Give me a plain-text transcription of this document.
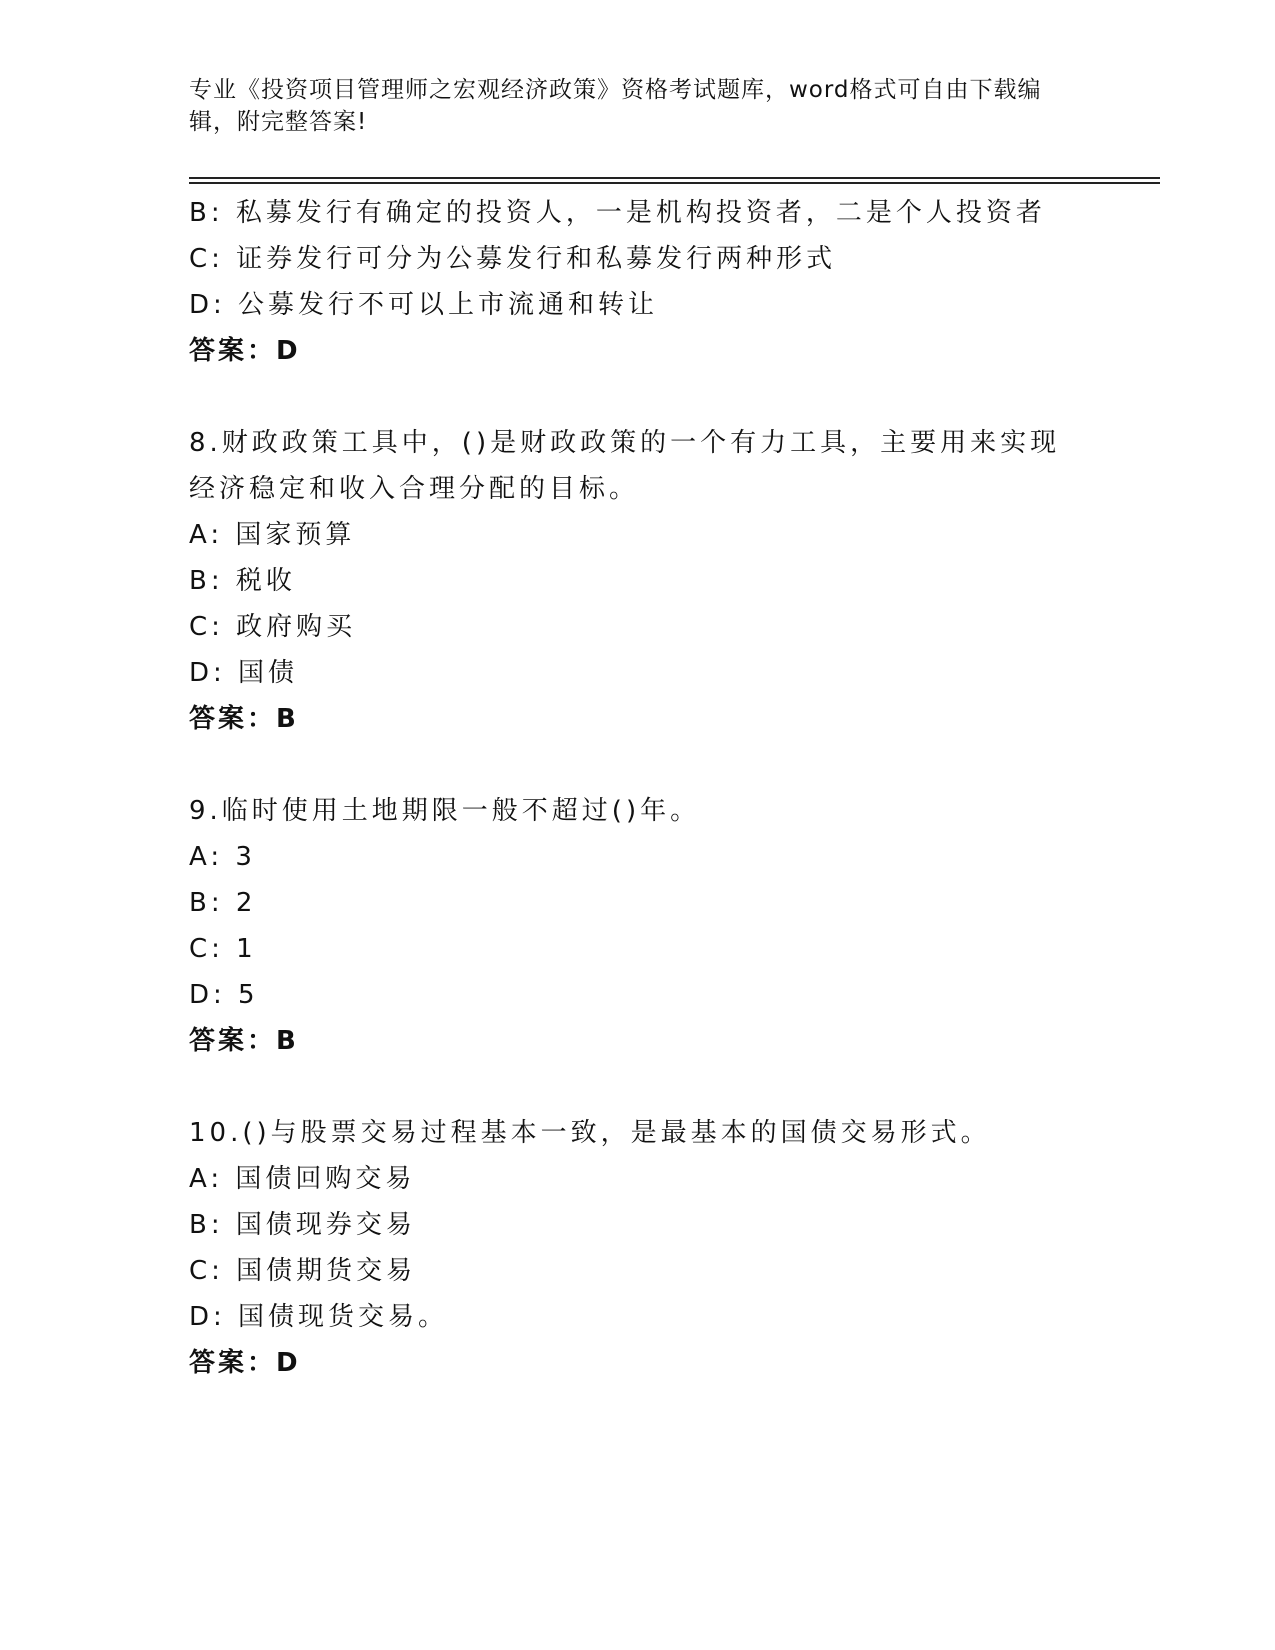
专业《投资项目管理师之宏观经济政策》资格考试题库，word格式可自由下载编辑，附完整答案!
B: 私募发行有确定的投资人，一是机构投资者，二是个人投资者
C: 证券发行可分为公募发行和私募发行两种形式
D: 公募发行不可以上市流通和转让
答案：D
8.财政政策工具中，()是财政政策的一个有力工具，主要用来实现经济稳定和收入合理分配的目标。
A: 国家预算
B: 税收
C: 政府购买
D: 国债
答案：B
9.临时使用土地期限一般不超过()年。
A: 3
B: 2
C: 1
D: 5
答案：B
10.()与股票交易过程基本一致，是最基本的国债交易形式。
A: 国债回购交易
B: 国债现券交易
C: 国债期货交易
D: 国债现货交易。
答案：D
